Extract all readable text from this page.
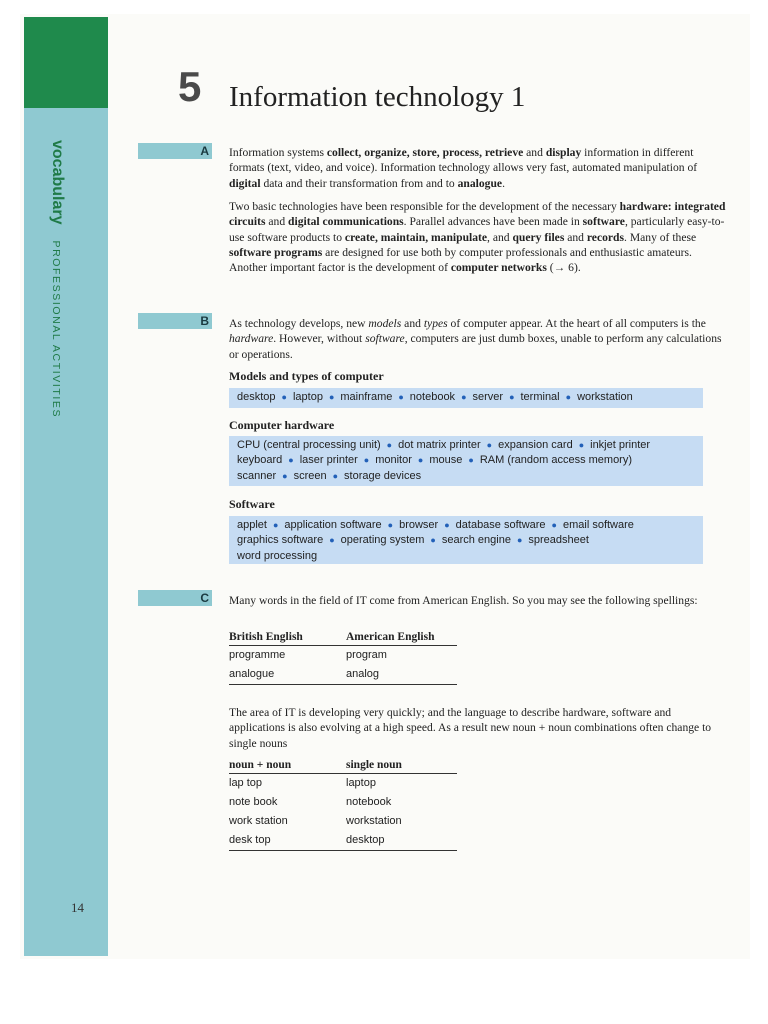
vocabulary PROFESSIONAL ACTIVITIES
14
5 Information technology 1
A Information systems collect, organize, store, process, retrieve and display information in different formats (text, video, and voice). Information technology allows very fast, automated manipulation of digital data and their transformation from and to analogue.

Two basic technologies have been responsible for the development of the necessary hardware: integrated circuits and digital communications. Parallel advances have been made in software, particularly easy-to-use software products to create, maintain, manipulate, and query files and records. Many of these software programs are designed for use both by computer professionals and enthusiastic amateurs. Another important factor is the development of computer networks (→ 6).

B As technology develops, new models and types of computer appear. At the heart of all computers is the hardware. However, without software, computers are just dumb boxes, unable to perform any calculations or operations.

Models and types of computer
desktop ● laptop ● mainframe ● notebook ● server ● terminal ● workstation
Computer hardware
CPU (central processing unit) ● dot matrix printer ● expansion card ● inkjet printer
keyboard ● laser printer ● monitor ● mouse ● RAM (random access memory)
scanner ● screen ● storage devices
Software
applet ● application software ● browser ● database software ● email software
graphics software ● operating system ● search engine ● spreadsheet
word processing
C Many words in the field of IT come from American English. So you may see the following spellings:

British English	American English
programme	program
analogue	analog

The area of IT is developing very quickly; and the language to describe hardware, software and applications is also evolving at a high speed. As a result new noun + noun combinations often change to single nouns

noun + noun	single noun
lap top	laptop
note book	notebook
work station	workstation
desk top	desktop
